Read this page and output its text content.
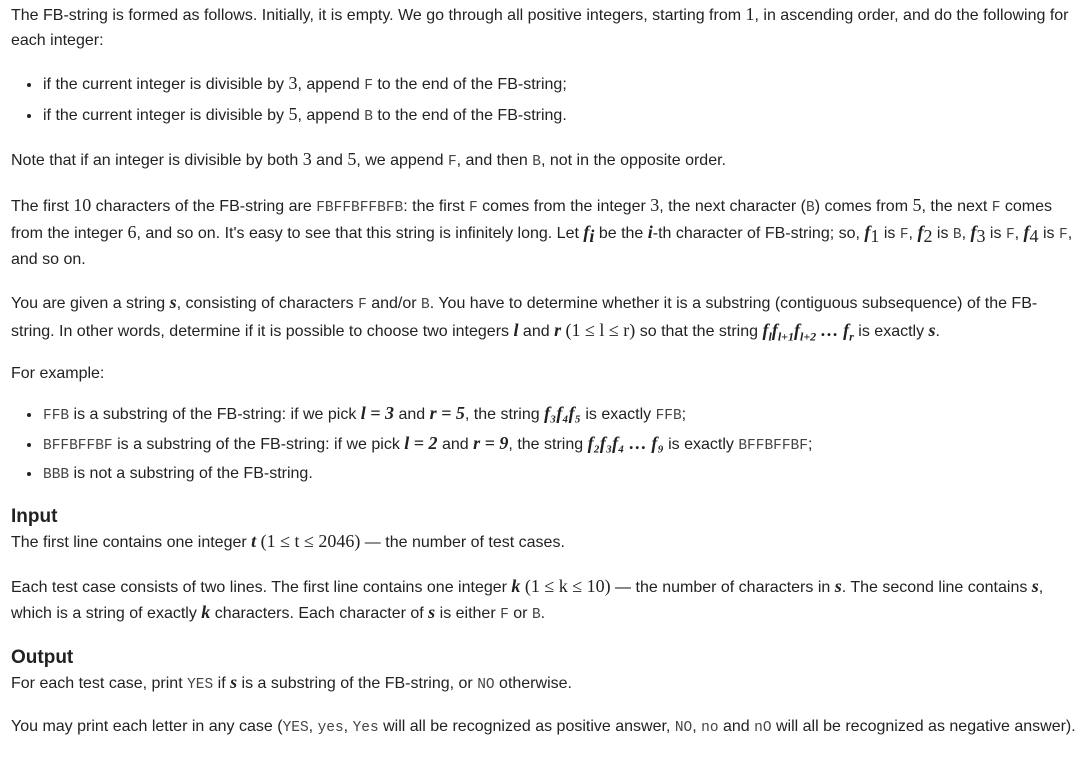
The FB-string is formed as follows. Initially, it is empty. We go through all positive integers, starting from 1, in ascending order, and do the following for each integer:

• if the current integer is divisible by 3, append F to the end of the FB-string;
• if the current integer is divisible by 5, append B to the end of the FB-string.

Note that if an integer is divisible by both 3 and 5, we append F, and then B, not in the opposite order.

The first 10 characters of the FB-string are FBFFBFFBFB: the first F comes from the integer 3, the next character (B) comes from 5, the next F comes from the integer 6, and so on. It's easy to see that this string is infinitely long. Let $f_i$ be the i-th character of FB-string; so, $f_1$ is F, $f_2$ is B, $f_3$ is F, $f_4$ is F, and so on.

You are given a string s, consisting of characters F and/or B. You have to determine whether it is a substring (contiguous subsequence) of the FB-string. In other words, determine if it is possible to choose two integers l and r (1 ≤ l ≤ r) so that the string $f_lf_{l+1}f_{l+2}$ … $f_r$ is exactly s.

For example:

• FFB is a substring of the FB-string: if we pick l = 3 and r = 5, the string f₃f₄f₅ is exactly FFB;
• BFFBFFBF is a substring of the FB-string: if we pick l = 2 and r = 9, the string f₂f₃f₄ … f₉ is exactly BFFBFFBF;
• BBB is not a substring of the FB-string.
Input

The first line contains one integer t (1 ≤ t ≤ 2046) — the number of test cases.

Each test case consists of two lines. The first line contains one integer k (1 ≤ k ≤ 10) — the number of characters in s. The second line contains s, which is a string of exactly k characters. Each character of s is either F or B.

Output

For each test case, print YES if s is a substring of the FB-string, or NO otherwise.

You may print each letter in any case (YES, yes, Yes will all be recognized as positive answer, NO, no and nO will all be recognized as negative answer).
